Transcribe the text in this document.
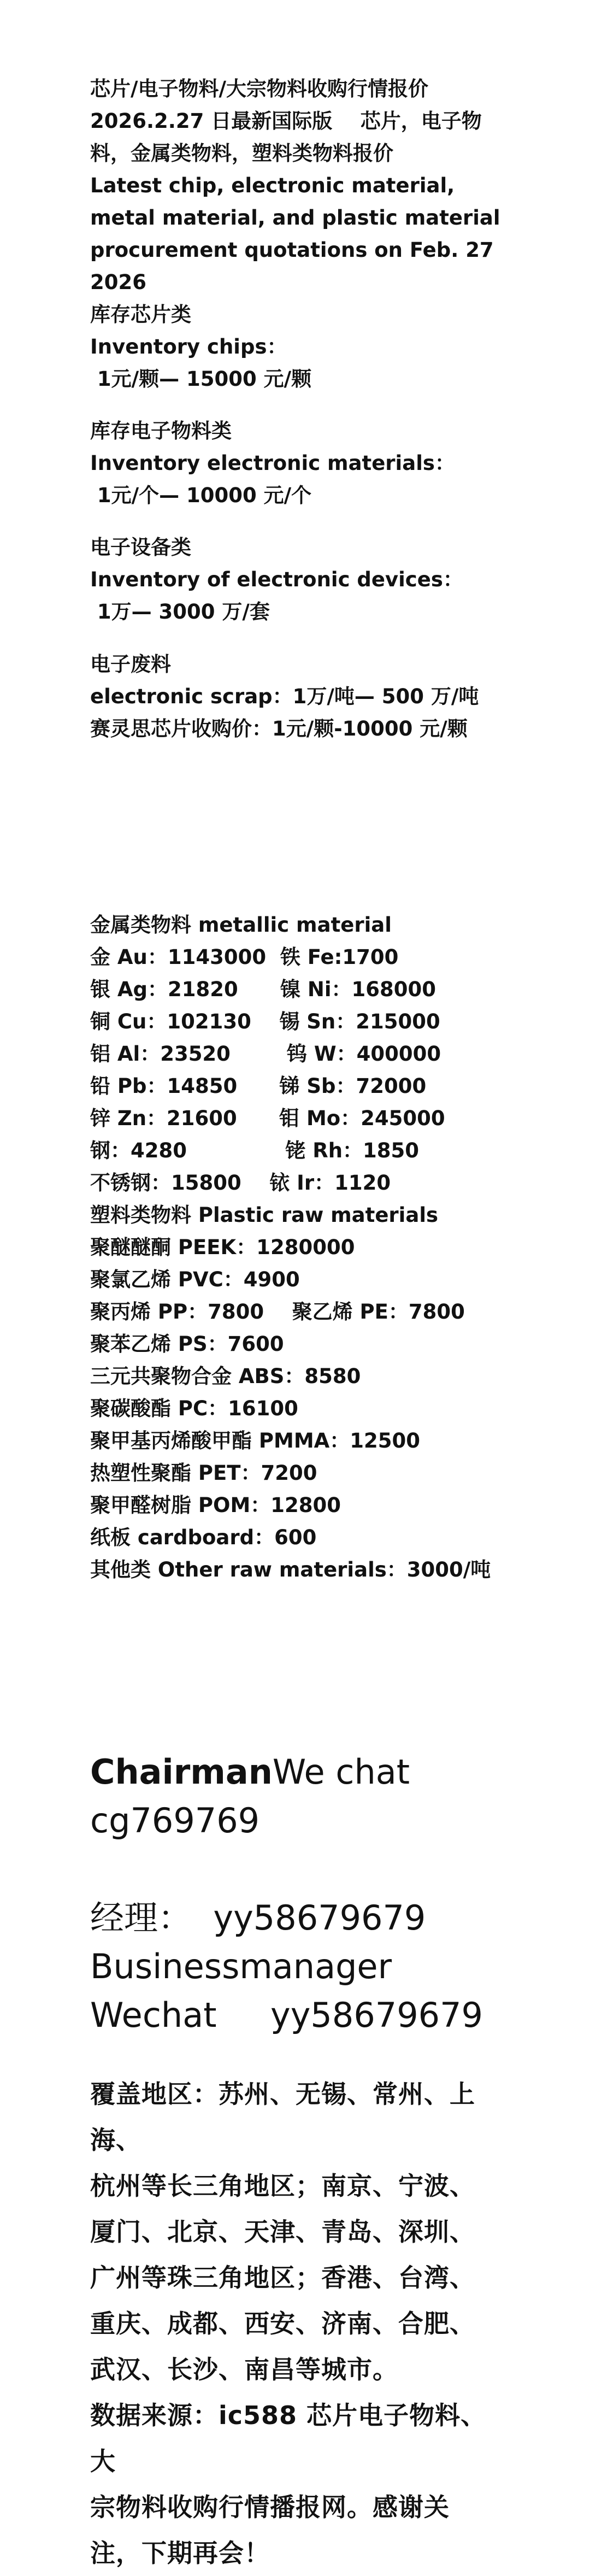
芯片/电子物料/大宗物料收购行情报价

2026.2.27 日最新国际版    芯片，电子物

料，金属类物料，塑料类物料报价

Latest chip, electronic material,

metal material, and plastic material

procurement quotations on Feb. 27

2026

库存芯片类

Inventory chips：

1元/颗— 15000 元/颗

库存电子物料类

Inventory electronic materials：

1元/个— 10000 元/个

电子设备类

Inventory of electronic devices：

1万— 3000 万/套

电子废料

electronic scrap：1万/吨— 500 万/吨

赛灵思芯片收购价：1元/颗-10000 元/颗

金属类物料 metallic material

金 Au：1143000  铁 Fe:1700

银 Ag：21820      镍 Ni：168000

铜 Cu：102130    锡 Sn：215000

铝 Al：23520        钨 W：400000

铅 Pb：14850      锑 Sb：72000

锌 Zn：21600      钼 Mo：245000

钢：4280              铑 Rh：1850

不锈钢：15800    铱 Ir：1120

塑料类物料 Plastic raw materials

聚醚醚酮 PEEK：1280000

聚氯乙烯 PVC：4900

聚丙烯 PP：7800    聚乙烯 PE：7800

聚苯乙烯 PS：7600

三元共聚物合金 ABS：8580

聚碳酸酯 PC：16100

聚甲基丙烯酸甲酯 PMMA：12500

热塑性聚酯 PET：7200

聚甲醛树脂 POM：12800

纸板 cardboard：600

其他类 Other raw materials：3000/吨

ChairmanWe chat

cg769769

经理：  yy58679679

Businessmanager

Wechat     yy58679679

覆盖地区：苏州、无锡、常州、上海、

杭州等长三角地区；南京、宁波、

厦门、北京、天津、青岛、深圳、

广州等珠三角地区；香港、台湾、

重庆、成都、西安、济南、合肥、

武汉、长沙、南昌等城市。

数据来源：ic588 芯片电子物料、大

宗物料收购行情播报网。感谢关

注，下期再会！
